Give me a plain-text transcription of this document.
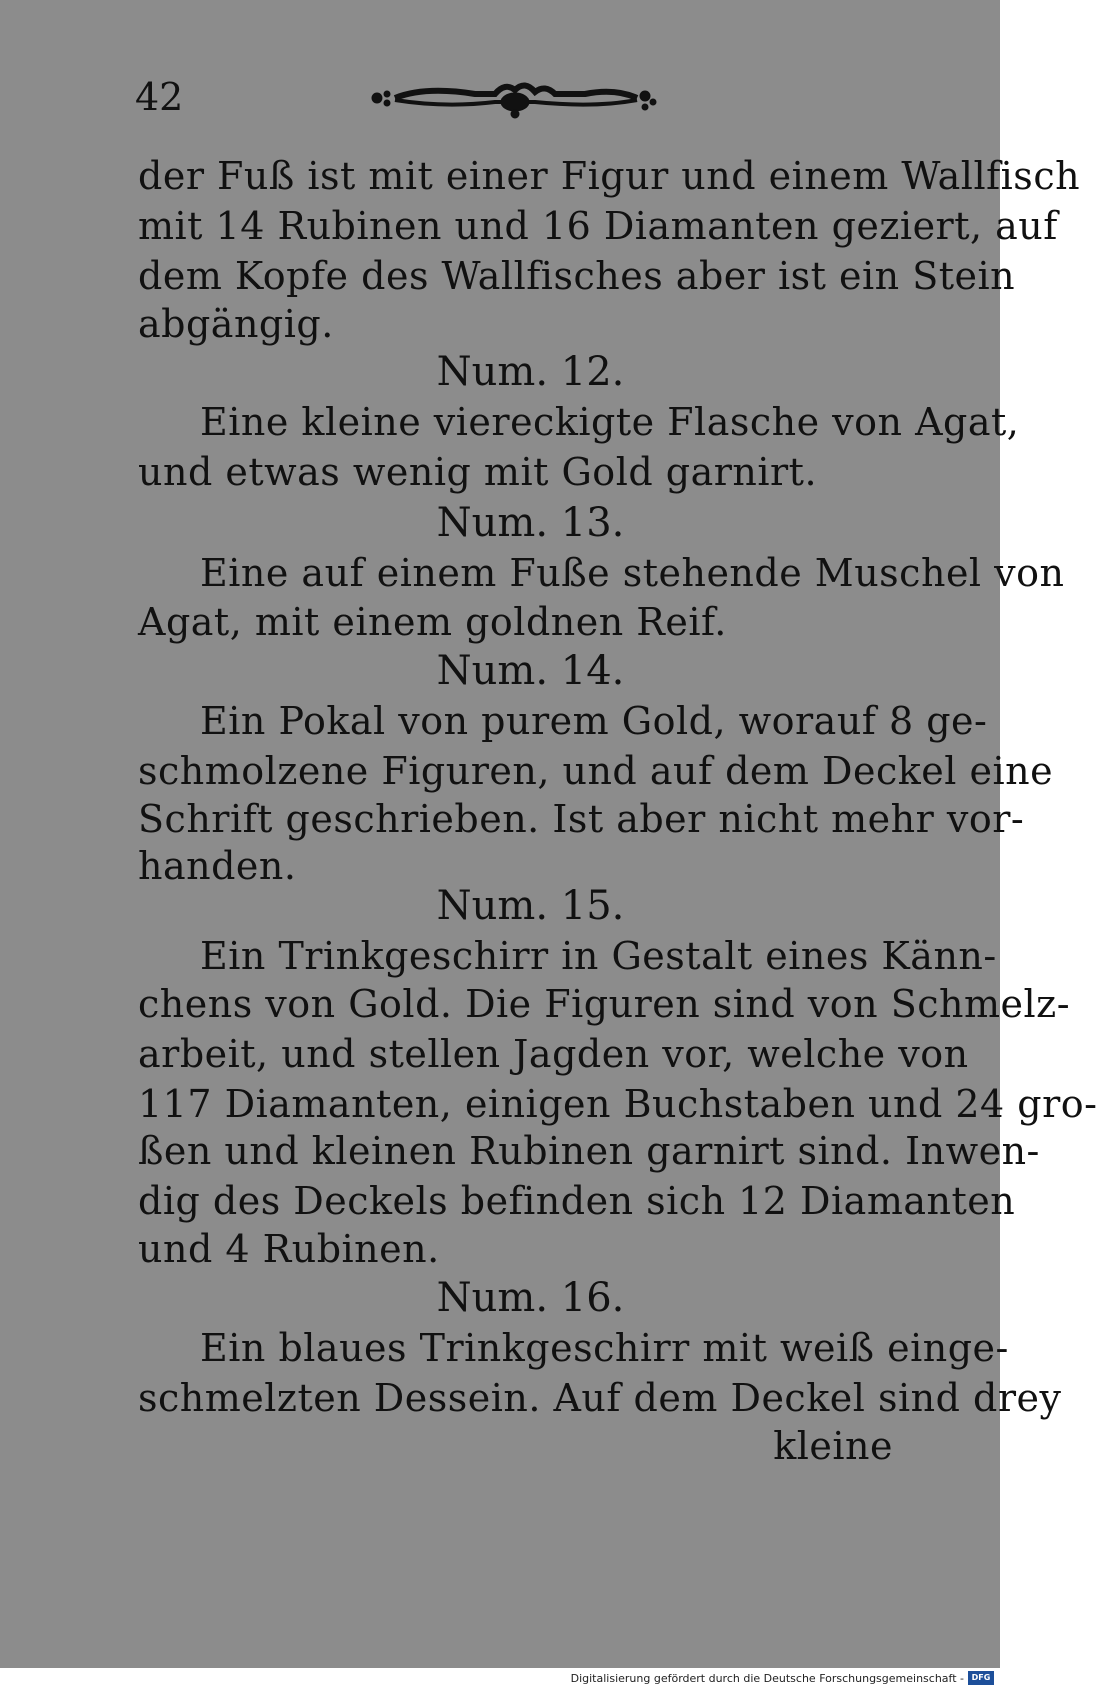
42
der Fuß ist mit einer Figur und einem Wallfisch
mit 14 Rubinen und 16 Diamanten geziert, auf
dem Kopfe des Wallfisches aber ist ein Stein
abgängig.
Num. 12.
Eine kleine viereckigte Flasche von Agat,
und etwas wenig mit Gold garnirt.
Num. 13.
Eine auf einem Fuße stehende Muschel von
Agat, mit einem goldnen Reif.
Num. 14.
Ein Pokal von purem Gold, worauf 8 ge-
schmolzene Figuren, und auf dem Deckel eine
Schrift geschrieben. Ist aber nicht mehr vor-
handen.
Num. 15.
Ein Trinkgeschirr in Gestalt eines Känn-
chens von Gold. Die Figuren sind von Schmelz-
arbeit, und stellen Jagden vor, welche von
117 Diamanten, einigen Buchstaben und 24 gro-
ßen und kleinen Rubinen garnirt sind. Inwen-
dig des Deckels befinden sich 12 Diamanten
und 4 Rubinen.
Num. 16.
Ein blaues Trinkgeschirr mit weiß einge-
schmelzten Dessein. Auf dem Deckel sind drey
kleine
Digitalisierung gefördert durch die Deutsche Forschungsgemeinschaft - DFG
